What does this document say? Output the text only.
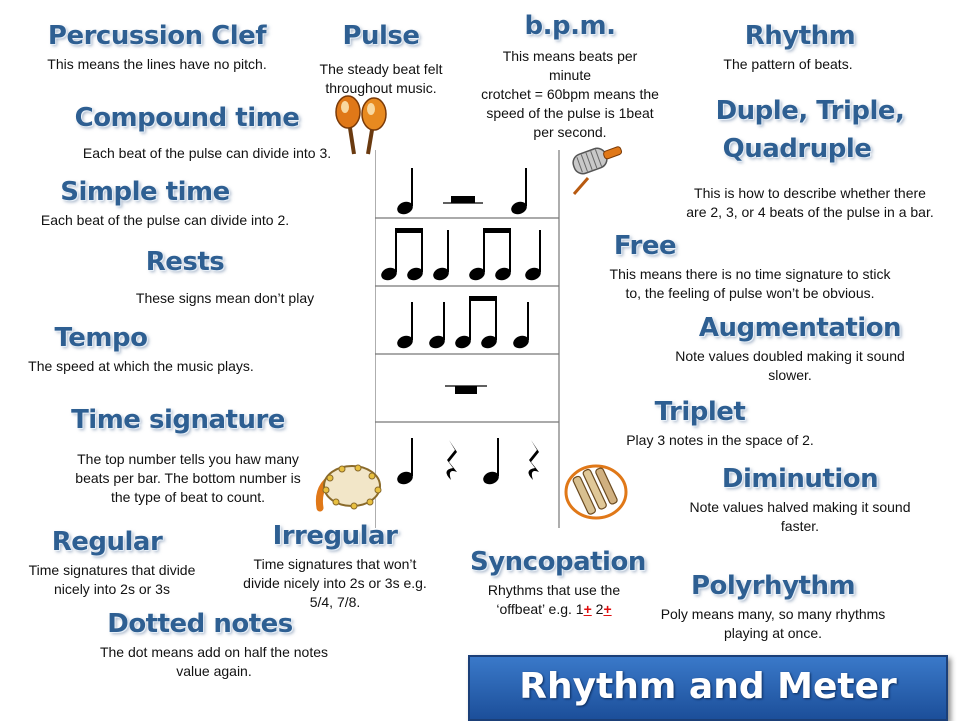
Percussion Clef
This means the lines have no pitch.
Compound time
Each beat of the pulse can divide into 3.
Simple time
Each beat of the pulse can divide into 2.
Rests
These signs mean don’t play
Tempo
The speed at which the music plays.
Time signature
The top number tells you haw many
beats per bar. The bottom number is
the type of beat to count.
Regular
Time signatures that divide
nicely into 2s or 3s
Irregular
Time signatures that won’t
divide nicely into 2s or 3s e.g.
5/4, 7/8.
Dotted notes
The dot means add on half the notes
value again.
Pulse
The steady beat felt
throughout music.
b.p.m.
This means beats per minute
crotchet = 60bpm means the
speed of the pulse is 1beat
per second.
Rhythm
The pattern of beats.
Duple, Triple,
Quadruple
This is how to describe whether there
are 2, 3, or 4 beats of the pulse in a bar.
Free
This means there is no time signature to stick
to, the feeling of pulse won’t be obvious.
Augmentation
Note values doubled making it sound
slower.
Triplet
Play 3 notes in the space of 2.
Diminution
Note values halved making it sound
faster.
Syncopation
Rhythms that use the
‘offbeat’ e.g. 1+ 2+
Polyrhythm
Poly means many, so many rhythms
playing at once.
Rhythm and Meter
